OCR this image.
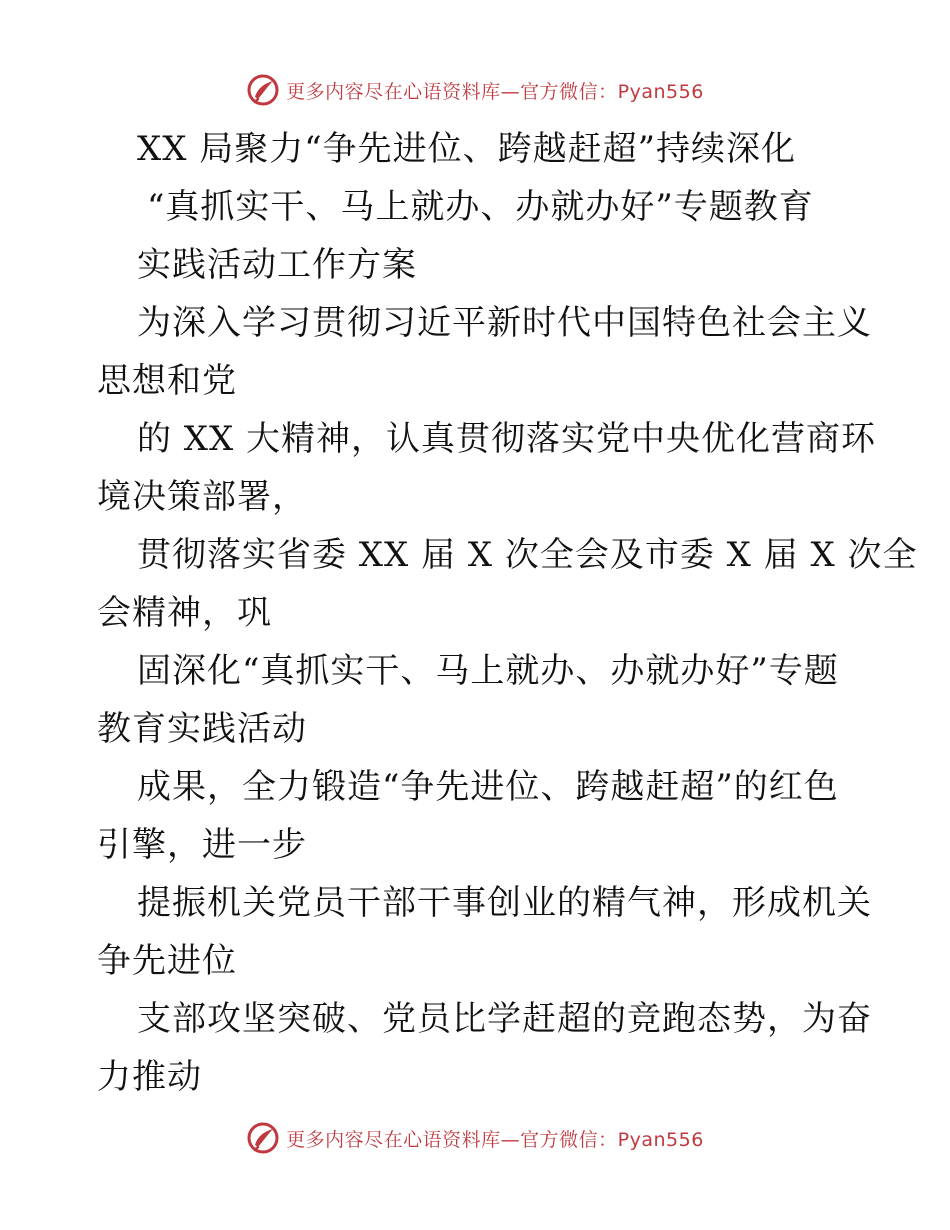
更多内容尽在心语资料库—官方微信：Pyan556
XX 局聚力“争先进位、跨越赶超”持续深化
“真抓实干、马上就办、办就办好”专题教育
实践活动工作方案
为深入学习贯彻习近平新时代中国特色社会主义
思想和党
的 XX 大精神，认真贯彻落实党中央优化营商环
境决策部署，
贯彻落实省委 XX 届 X 次全会及市委 X 届 X 次全
会精神，巩
固深化“真抓实干、马上就办、办就办好”专题
教育实践活动
成果，全力锻造“争先进位、跨越赶超”的红色
引擎，进一步
提振机关党员干部干事创业的精气神，形成机关
争先进位
支部攻坚突破、党员比学赶超的竞跑态势，为奋
力推动
更多内容尽在心语资料库—官方微信：Pyan556
